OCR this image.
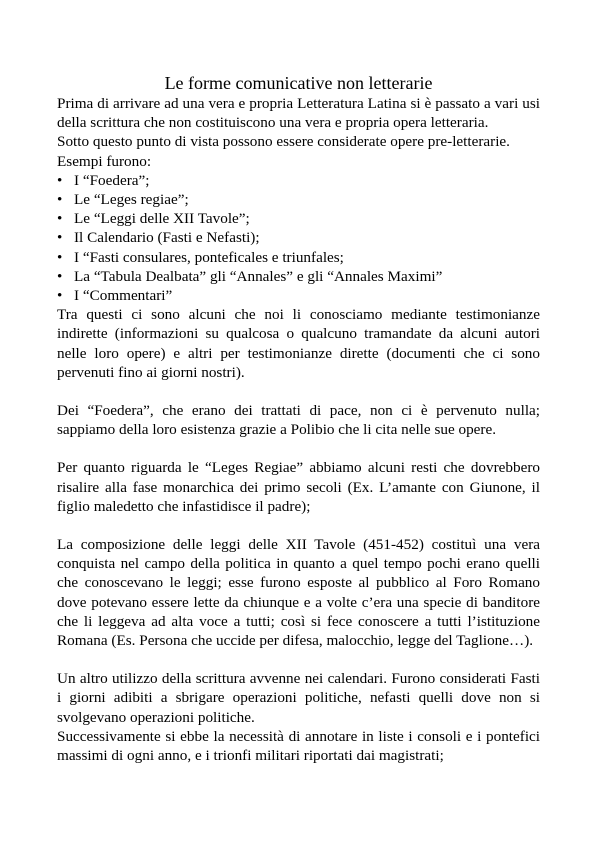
Le forme comunicative non letterarie

Prima di arrivare ad una vera e propria Letteratura Latina si è passato a vari usi della scrittura che non costituiscono una vera e propria opera letteraria.

Sotto questo punto di vista possono essere considerate opere pre-letterarie.

Esempi furono:

• I “Foedera”;
• Le “Leges regiae”;
• Le “Leggi delle XII Tavole”;
• Il Calendario (Fasti e Nefasti);
• I “Fasti consulares, ponteficales e triunfales;
• La “Tabula Dealbata” gli “Annales” e gli “Annales Maximi”
• I “Commentari”

Tra questi ci sono alcuni che noi li conosciamo mediante testimonianze indirette (informazioni su qualcosa o qualcuno tramandate da alcuni autori nelle loro opere) e altri per testimonianze dirette (documenti che ci sono pervenuti fino ai giorni nostri).

Dei “Foedera”, che erano dei trattati di pace, non ci è pervenuto nulla; sappiamo della loro esistenza grazie a Polibio che li cita nelle sue opere.

Per quanto riguarda le “Leges Regiae” abbiamo alcuni resti che dovrebbero risalire alla fase monarchica dei primo secoli (Ex. L’amante con Giunone, il figlio maledetto che infastidisce il padre);

La composizione delle leggi delle XII Tavole (451-452) costituì una vera conquista nel campo della politica in quanto a quel tempo pochi erano quelli che conoscevano le leggi; esse furono esposte al pubblico al Foro Romano dove potevano essere lette da chiunque e a volte c’era una specie di banditore che li leggeva ad alta voce a tutti; così si fece conoscere a tutti l’istituzione Romana (Es. Persona che uccide per difesa, malocchio, legge del Taglione…).

Un altro utilizzo della scrittura avvenne nei calendari. Furono considerati Fasti i giorni adibiti a sbrigare operazioni politiche, nefasti quelli dove non si svolgevano operazioni politiche.

Successivamente si ebbe la necessità di annotare in liste i consoli e i pontefici massimi di ogni anno, e i trionfi militari riportati dai magistrati;
